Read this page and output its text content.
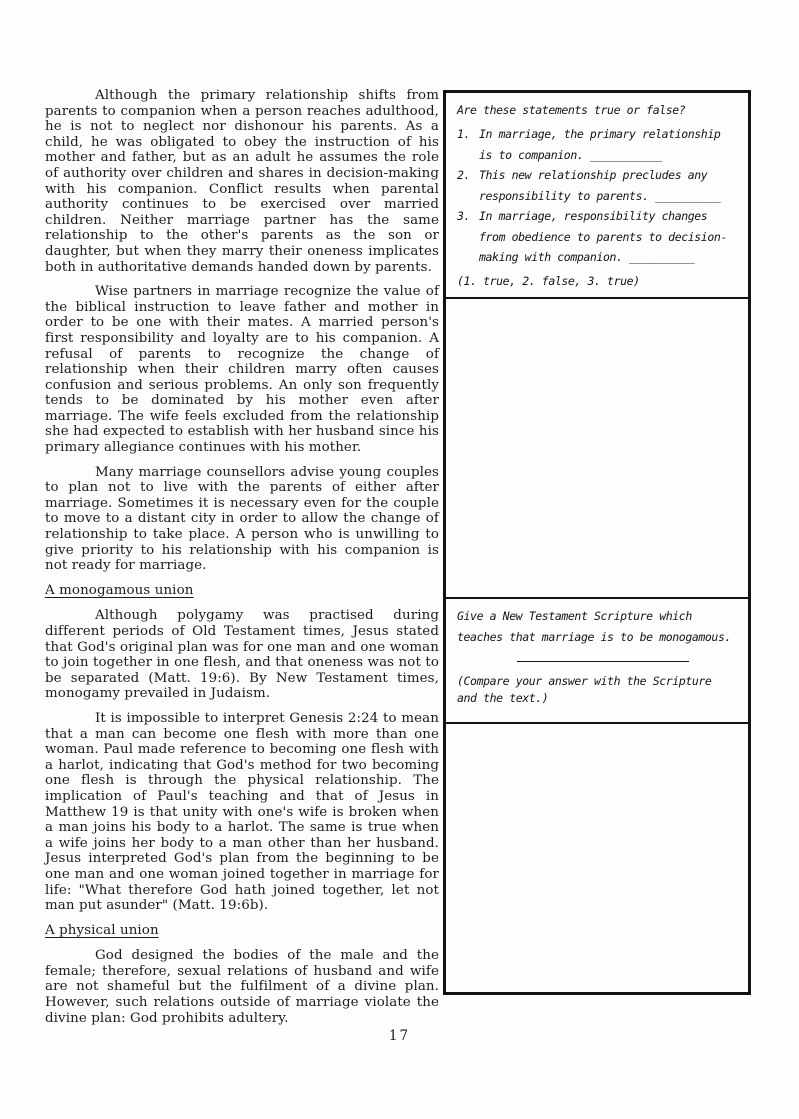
Although the primary relationship shifts from parents to companion when a person reaches adulthood, he is not to neglect nor dishonour his parents. As a child, he was obligated to obey the instruction of his mother and father, but as an adult he assumes the role of authority over children and shares in decision-making with his companion. Conflict results when parental authority continues to be exercised over married children. Neither marriage partner has the same relationship to the other's parents as the son or daughter, but when they marry their oneness implicates both in authoritative demands handed down by parents.

Wise partners in marriage recognize the value of the biblical instruction to leave father and mother in order to be one with their mates. A married person's first responsibility and loyalty are to his companion. A refusal of parents to recognize the change of relationship when their children marry often causes confusion and serious problems. An only son frequently tends to be dominated by his mother even after marriage. The wife feels excluded from the relationship she had expected to establish with her husband since his primary allegiance continues with his mother.

Many marriage counsellors advise young couples to plan not to live with the parents of either after marriage. Sometimes it is necessary even for the couple to move to a distant city in order to allow the change of relationship to take place. A person who is unwilling to give priority to his relationship with his companion is not ready for marriage.

A monogamous union

Although polygamy was practised during different periods of Old Testament times, Jesus stated that God's original plan was for one man and one woman to join together in one flesh, and that oneness was not to be separated (Matt. 19:6). By New Testament times, monogamy prevailed in Judaism.

It is impossible to interpret Genesis 2:24 to mean that a man can become one flesh with more than one woman. Paul made reference to becoming one flesh with a harlot, indicating that God's method for two becoming one flesh is through the physical relationship. The implication of Paul's teaching and that of Jesus in Matthew 19 is that unity with one's wife is broken when a man joins his body to a harlot. The same is true when a wife joins her body to a man other than her husband. Jesus interpreted God's plan from the beginning to be one man and one woman joined together in marriage for life: "What therefore God hath joined together, let not man put asunder" (Matt. 19:6b).

A physical union

God designed the bodies of the male and the female; therefore, sexual relations of husband and wife are not shameful but the fulfilment of a divine plan. However, such relations outside of marriage violate the divine plan: God prohibits adultery.

Are these statements true or false?
1. In marriage, the primary relationship is to companion. ___________
2. This new relationship precludes any responsibility to parents. __________
3. In marriage, responsibility changes from obedience to parents to decision-making with companion. __________
(1. true, 2. false, 3. true)
Give a New Testament Scripture which teaches that marriage is to be monogamous.
(Compare your answer with the Scripture and the text.)
17
